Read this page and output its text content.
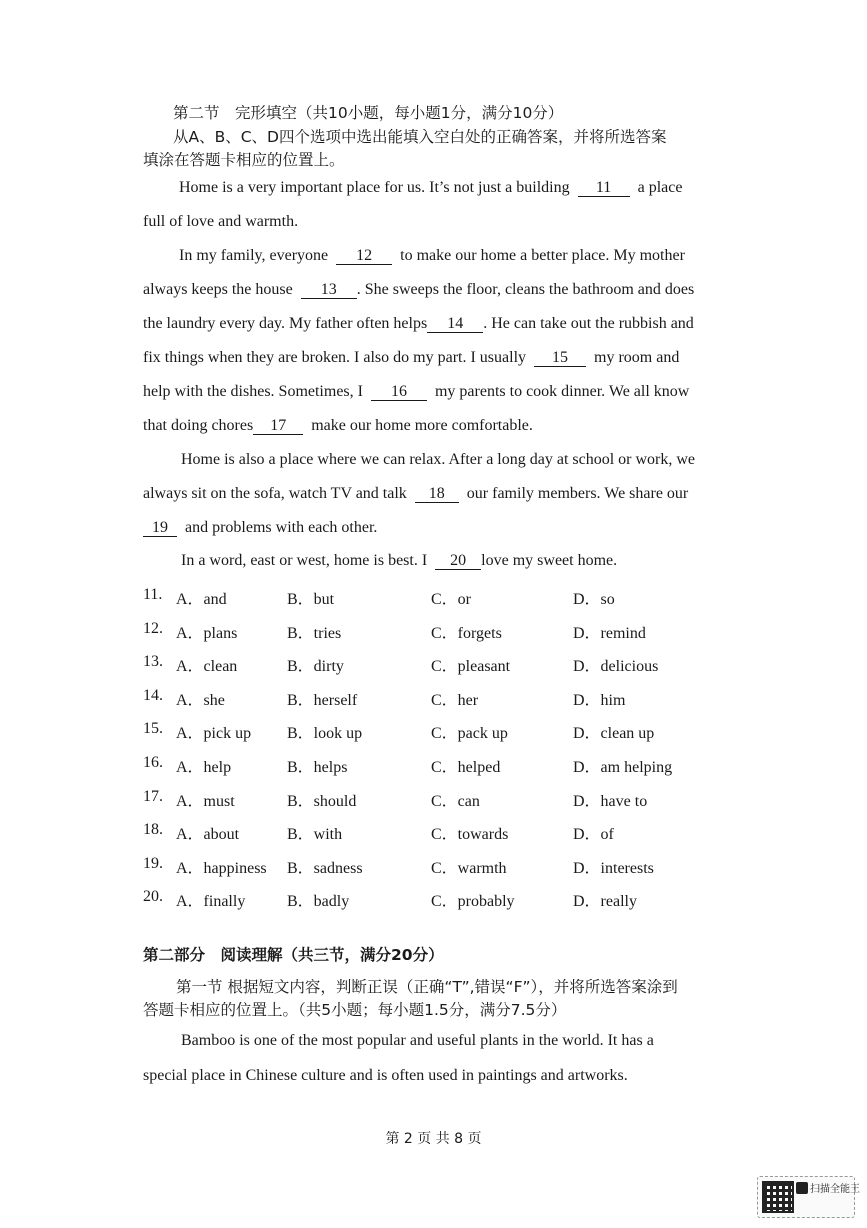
第二节　完形填空（共10小题，每小题1分，满分10分）
从A、B、C、D四个选项中选出能填入空白处的正确答案，并将所选答案
填涂在答题卡相应的位置上。
Home is a very important place for us. It’s not just a building 11 a place
full of love and warmth.
In my family, everyone 12 to make our home a better place. My mother
always keeps the house 13 . She sweeps the floor, cleans the bathroom and does
the laundry every day. My father often helps 14 . He can take out the rubbish and
fix things when they are broken. I also do my part. I usually 15 my room and
help with the dishes. Sometimes, I 16 my parents to cook dinner. We all know
that doing chores 17 make our home more comfortable.
Home is also a place where we can relax. After a long day at school or work, we
always sit on the sofa, watch TV and talk 18 our family members. We share our
19 and problems with each other.
In a word, east or west, home is best. I 20 love my sweet home.
11. A．and	B．but	C．or	D．so
12. A．plans	B．tries	C．forgets	D．remind
13. A．clean	B．dirty	C．pleasant	D．delicious
14. A．she	B．herself	C．her	D．him
15. A．pick up B．look up	C．pack up	D．clean up
16. A．help	B．helps	C．helped	D．am helping
17. A．must	B．should	C．can	D．have to
18. A．about	B．with	C．towards	D．of
19. A．happiness B．sadness	C．warmth	D．interests
20. A．finally	B．badly	C．probably	D．really
第二部分　阅读理解（共三节，满分20分）
第一节 根据短文内容，判断正误（正确“T”,错误“F”），并将所选答案涂到
答题卡相应的位置上。（共5小题；每小题1.5分，满分7.5分）
Bamboo is one of the most popular and useful plants in the world. It has a
special place in Chinese culture and is often used in paintings and artworks.
第 2 页 共 8 页
扫描全能王
